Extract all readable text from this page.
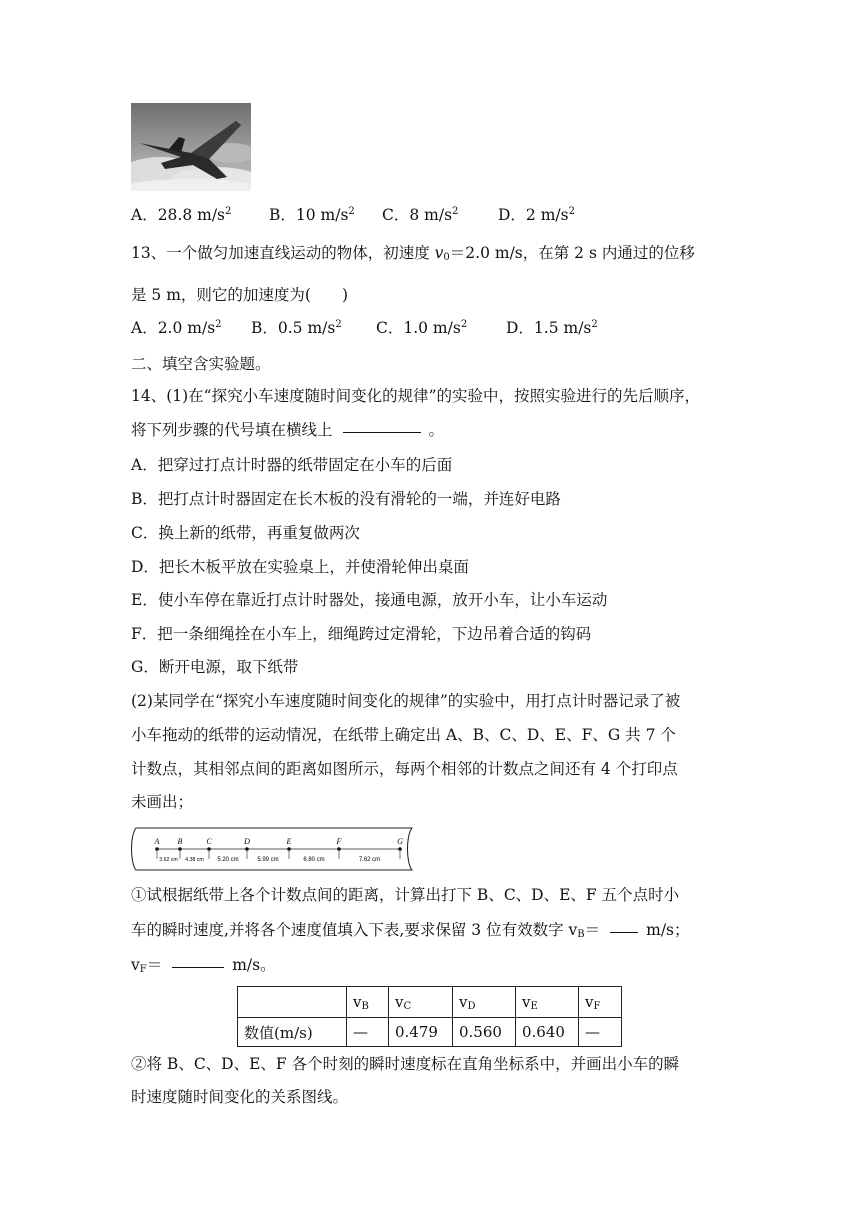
A．28.8 $m/s^2$ B．10 $m/s^2$ C．8 $m/s^2$	D．2 $m/s^2$
13、一个做匀加速直线运动的物体，初速度 $v_0=2.0$ m/s，在第 2 s 内通过的位移
是 5 m，则它的加速度为(　　)
A．2.0 $m/s^2$ B．0.5 $m/s^2$ C．1.0 $m/s^2$	D．1.5 $m/s^2$
二、填空含实验题。
14、(1)在“探究小车速度随时间变化的规律”的实验中，按照实验进行的先后顺序，
将下列步骤的代号填在横线上	。
A．把穿过打点计时器的纸带固定在小车的后面
B．把打点计时器固定在长木板的没有滑轮的一端，并连好电路
C．换上新的纸带，再重复做两次
D．把长木板平放在实验桌上，并使滑轮伸出桌面
E．使小车停在靠近打点计时器处，接通电源，放开小车，让小车运动
F．把一条细绳拴在小车上，细绳跨过定滑轮，下边吊着合适的钩码
G．断开电源，取下纸带
(2)某同学在“探究小车速度随时间变化的规律”的实验中，用打点计时器记录了被
小车拖动的纸带的运动情况，在纸带上确定出 A、B、C、D、E、F、G 共 7 个
计数点，其相邻点间的距离如图所示，每两个相邻的计数点之间还有 4 个打印点
未画出；
A B	C	D	E	F	G
3.62 cm 4.38 cm 5.20 cm	5.99 cm	6.80 cm	7.62 cm
①试根据纸带上各个计数点间的距离，计算出打下 B、C、D、E、F 五个点时小
车的瞬时速度,并将各个速度值填入下表,要求保留 3 位有效数字 $v_B=$	m/s；
$v_F=$	m/s。
	$v_B$	$v_C$	$v_D$	$v_E$	$v_F$
数值(m/s)	—	0.479	0.560	0.640	—
②将 B、C、D、E、F 各个时刻的瞬时速度标在直角坐标系中，并画出小车的瞬
时速度随时间变化的关系图线。
